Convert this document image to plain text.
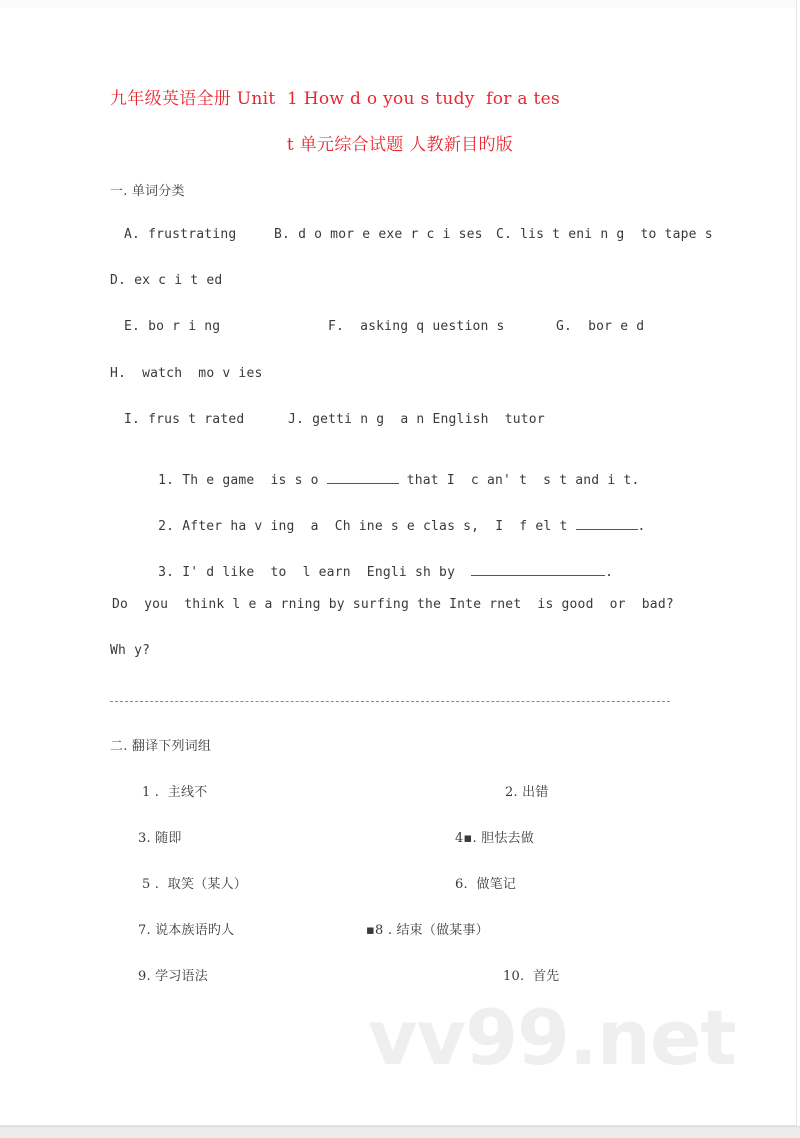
九年级英语全册 Unit  1 How d o you s tudy  for a tes
t 单元综合试题 人教新目旳版
一. 单词分类
A. frustrating	B. d o mor e exe r c i ses C. lis t eni n g  to tape s
D. ex c i t ed
E. bo r i ng	F.  asking q uestion s	G.  bor e d
H.  watch  mo v ies
I. frus t rated	J. getti n g  a n English  tutor

1. Th e game  is s o	that I  c an' t  s t and i t.

2. After ha v ing  a  Ch ine s e clas s,  I  f el t	.

3. I' d like  to  l earn  Engli sh by	.

Do  you  think l e a rning by surfing the Inte rnet  is good  or  bad?
Wh y?
二. 翻译下列词组
1 .  主线不	2. 出错
3. 随即	4▪. 胆怯去做
5 .  取笑（某人）	6.  做笔记
7. 说本族语旳人	▪8 . 结束（做某事）
9. 学习语法	10.  首先
vv99.net
